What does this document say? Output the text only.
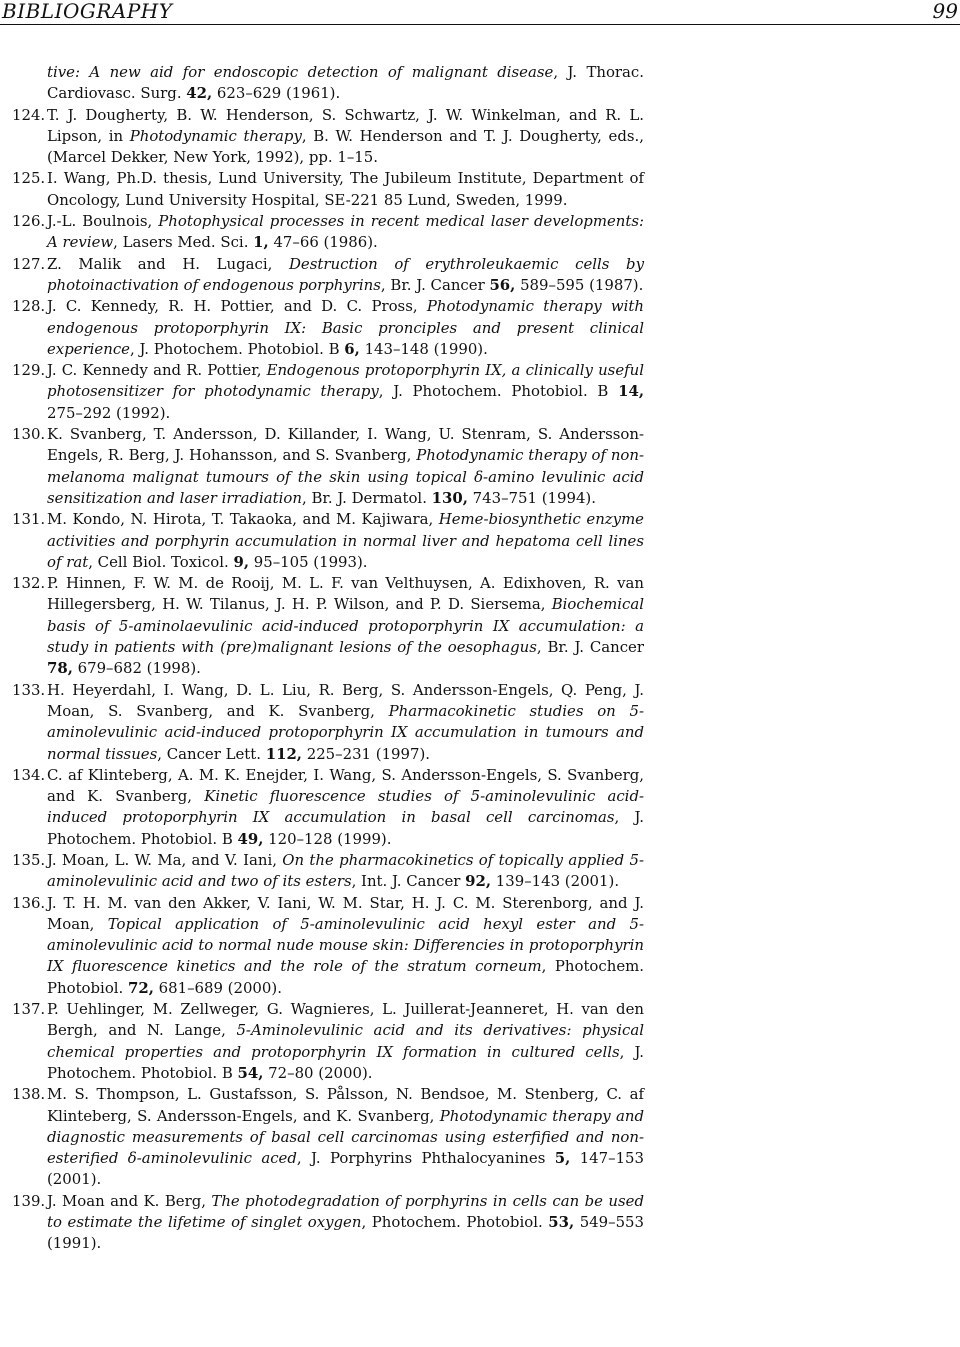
BIBLIOGRAPHY	99
tive: A new aid for endoscopic detection of malignant disease, J. Thorac. Cardiovasc. Surg. 42, 623–629 (1961).
124. T. J. Dougherty, B. W. Henderson, S. Schwartz, J. W. Winkelman, and R. L. Lipson, in Photodynamic therapy, B. W. Henderson and T. J. Dougherty, eds., (Marcel Dekker, New York, 1992), pp. 1–15.
125. I. Wang, Ph.D. thesis, Lund University, The Jubileum Institute, Department of Oncology, Lund University Hospital, SE-221 85 Lund, Sweden, 1999.
126. J.-L. Boulnois, Photophysical processes in recent medical laser developments: A review, Lasers Med. Sci. 1, 47–66 (1986).
127. Z. Malik and H. Lugaci, Destruction of erythroleukaemic cells by photoinactivation of endogenous porphyrins, Br. J. Cancer 56, 589–595 (1987).
128. J. C. Kennedy, R. H. Pottier, and D. C. Pross, Photodynamic therapy with endogenous protoporphyrin IX: Basic pronciples and present clinical experience, J. Photochem. Photobiol. B 6, 143–148 (1990).
129. J. C. Kennedy and R. Pottier, Endogenous protoporphyrin IX, a clinically useful photosensitizer for photodynamic therapy, J. Photochem. Photobiol. B 14, 275–292 (1992).
130. K. Svanberg, T. Andersson, D. Killander, I. Wang, U. Stenram, S. Andersson-Engels, R. Berg, J. Hohansson, and S. Svanberg, Photodynamic therapy of non-melanoma malignat tumours of the skin using topical δ-amino levulinic acid sensitization and laser irradiation, Br. J. Dermatol. 130, 743–751 (1994).
131. M. Kondo, N. Hirota, T. Takaoka, and M. Kajiwara, Heme-biosynthetic enzyme activities and porphyrin accumulation in normal liver and hepatoma cell lines of rat, Cell Biol. Toxicol. 9, 95–105 (1993).
132. P. Hinnen, F. W. M. de Rooij, M. L. F. van Velthuysen, A. Edixhoven, R. van Hillegersberg, H. W. Tilanus, J. H. P. Wilson, and P. D. Siersema, Biochemical basis of 5-aminolaevulinic acid-induced protoporphyrin IX accumulation: a study in patients with (pre)malignant lesions of the oesophagus, Br. J. Cancer 78, 679–682 (1998).
133. H. Heyerdahl, I. Wang, D. L. Liu, R. Berg, S. Andersson-Engels, Q. Peng, J. Moan, S. Svanberg, and K. Svanberg, Pharmacokinetic studies on 5-aminolevulinic acid-induced protoporphyrin IX accumulation in tumours and normal tissues, Cancer Lett. 112, 225–231 (1997).
134. C. af Klinteberg, A. M. K. Enejder, I. Wang, S. Andersson-Engels, S. Svanberg, and K. Svanberg, Kinetic fluorescence studies of 5-aminolevulinic acid-induced protoporphyrin IX accumulation in basal cell carcinomas, J. Photochem. Photobiol. B 49, 120–128 (1999).
135. J. Moan, L. W. Ma, and V. Iani, On the pharmacokinetics of topically applied 5-aminolevulinic acid and two of its esters, Int. J. Cancer 92, 139–143 (2001).
136. J. T. H. M. van den Akker, V. Iani, W. M. Star, H. J. C. M. Sterenborg, and J. Moan, Topical application of 5-aminolevulinic acid hexyl ester and 5-aminolevulinic acid to normal nude mouse skin: Differencies in protoporphyrin IX fluorescence kinetics and the role of the stratum corneum, Photochem. Photobiol. 72, 681–689 (2000).
137. P. Uehlinger, M. Zellweger, G. Wagnieres, L. Juillerat-Jeanneret, H. van den Bergh, and N. Lange, 5-Aminolevulinic acid and its derivatives: physical chemical properties and protoporphyrin IX formation in cultured cells, J. Photochem. Photobiol. B 54, 72–80 (2000).
138. M. S. Thompson, L. Gustafsson, S. Pålsson, N. Bendsoe, M. Stenberg, C. af Klinteberg, S. Andersson-Engels, and K. Svanberg, Photodynamic therapy and diagnostic measurements of basal cell carcinomas using esterfified and non-esterified δ-aminolevulinic aced, J. Porphyrins Phthalocyanines 5, 147–153 (2001).
139. J. Moan and K. Berg, The photodegradation of porphyrins in cells can be used to estimate the lifetime of singlet oxygen, Photochem. Photobiol. 53, 549–553 (1991).
